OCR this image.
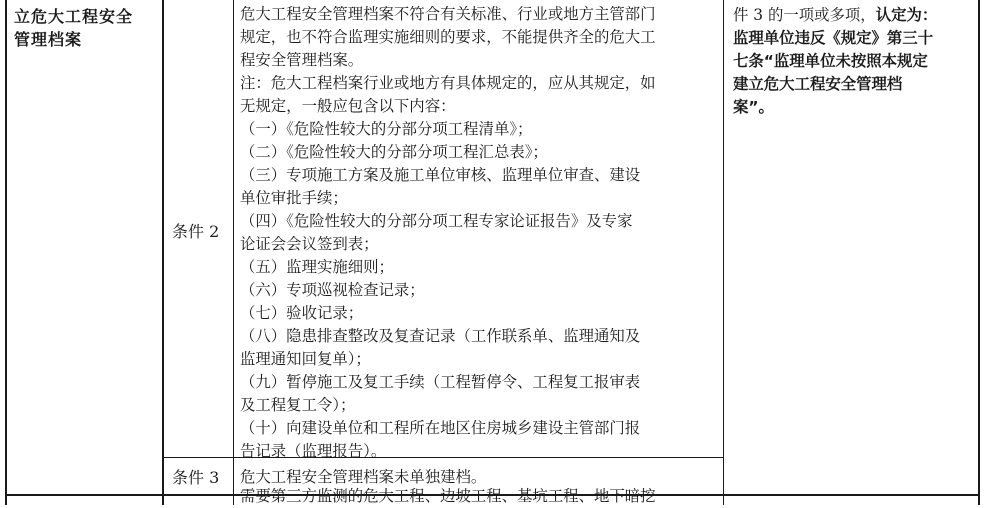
立危大工程安全
管理档案
条件 2
条件 3
危大工程安全管理档案不符合有关标准、行业或地方主管部门
规定，也不符合监理实施细则的要求，不能提供齐全的危大工
程安全管理档案。
注：危大工程档案行业或地方有具体规定的，应从其规定，如
无规定，一般应包含以下内容：
（一）《危险性较大的分部分项工程清单》；
（二）《危险性较大的分部分项工程汇总表》；
（三）专项施工方案及施工单位审核、监理单位审查、建设
单位审批手续；
（四）《危险性较大的分部分项工程专家论证报告》及专家
论证会会议签到表；
（五）监理实施细则；
（六）专项巡视检查记录；
（七）验收记录；
（八）隐患排查整改及复查记录（工作联系单、监理通知及
监理通知回复单）；
（九）暂停施工及复工手续（工程暂停令、工程复工报审表
及工程复工令）；
（十）向建设单位和工程所在地区住房城乡建设主管部门报
告记录（监理报告）。
危大工程安全管理档案未单独建档。
件 3 的一项或多项，认定为：
监理单位违反《规定》第三十
七条“监理单位未按照本规定
建立危大工程安全管理档
案”。
需要第三方监测的危大工程、边坡工程、基坑工程、地下暗挖
